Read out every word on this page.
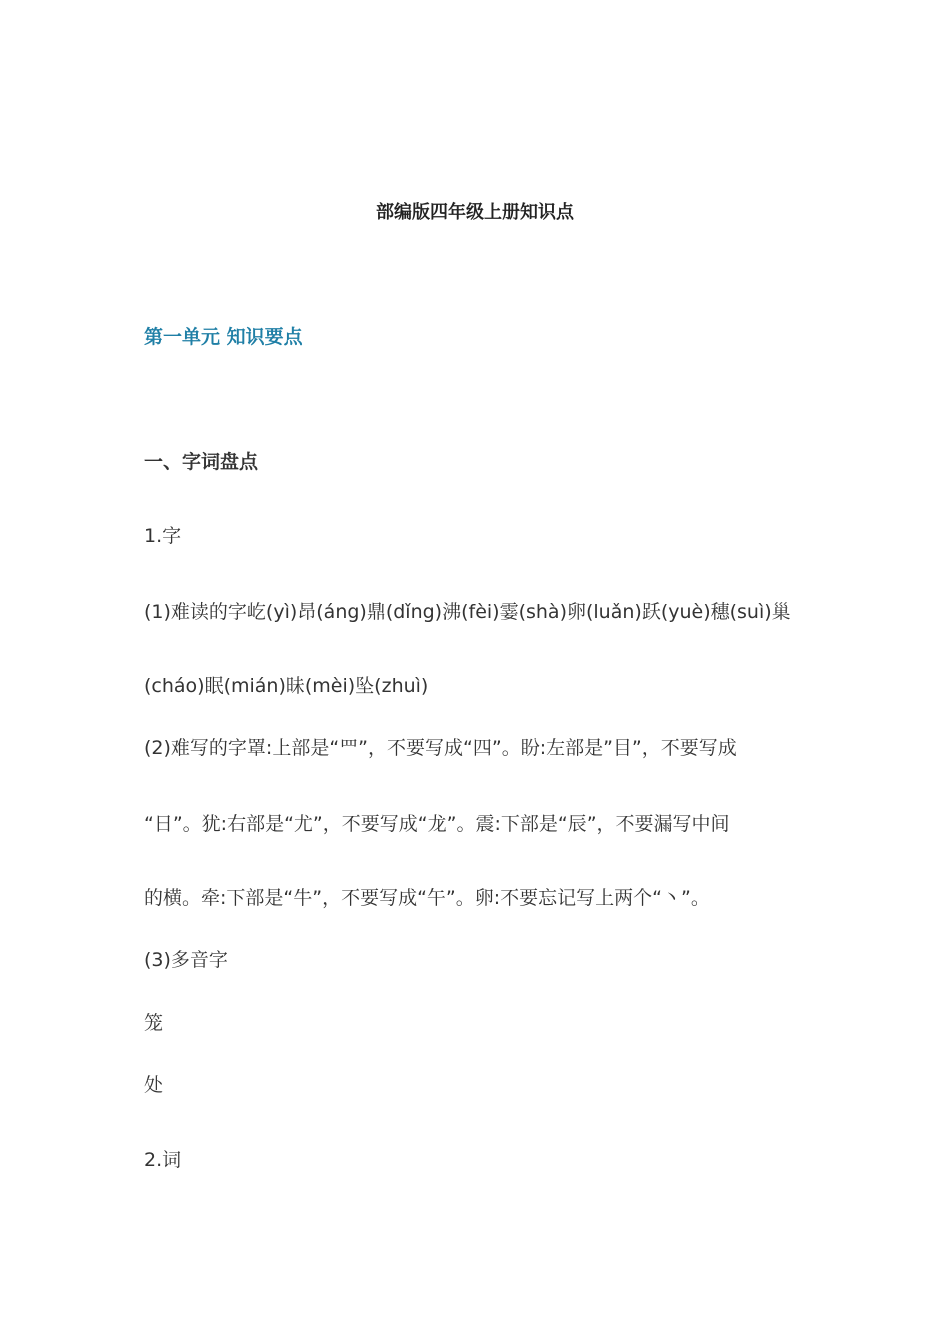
部编版四年级上册知识点
第一单元 知识要点
一、字词盘点
1.字
(1)难读的字屹(yì)昂(áng)鼎(dǐng)沸(fèi)霎(shà)卵(luǎn)跃(yuè)穗(suì)巢
(cháo)眠(mián)昧(mèi)坠(zhuì)
(2)难写的字罩:上部是“罒”，不要写成“四”。盼:左部是”目”，不要写成
“日”。犹:右部是“尤”，不要写成“龙”。震:下部是“辰”，不要漏写中间
的横。牵:下部是“牛”，不要写成“午”。卵:不要忘记写上两个“丶”。
(3)多音字
笼
处
2.词
